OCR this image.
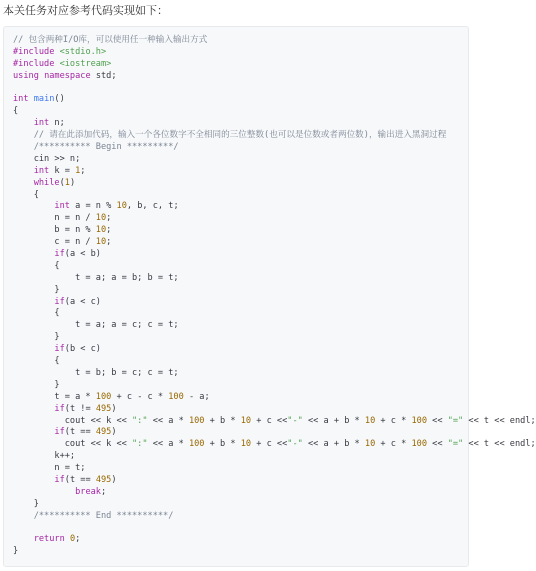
本关任务对应参考代码实现如下：
// 包含两种I/O库，可以使用任一种输入输出方式
#include <stdio.h>
#include <iostream>
using namespace std;

int main()
{
int n;
// 请在此添加代码，输入一个各位数字不全相同的三位整数(也可以是位数或者两位数)，输出进入黑洞过程
/********** Begin *********/
cin >> n;
int k = 1;
while(1)
{
int a = n % 10, b, c, t;
n = n / 10;
b = n % 10;
c = n / 10;
if(a < b)
{
t = a; a = b; b = t;
}
if(a < c)
{
t = a; a = c; c = t;
}
if(b < c)
{
t = b; b = c; c = t;
}
t = a * 100 + c - c * 100 - a;
if(t != 495)
cout << k << ":" << a * 100 + b * 10 + c <<"-" << a + b * 10 + c * 100 << "=" << t << endl;
if(t == 495)
cout << k << ":" << a * 100 + b * 10 + c <<"-" << a + b * 10 + c * 100 << "=" << t << endl;
k++;
n = t;
if(t == 495)
break;
}
/********** End **********/

return 0;
}
